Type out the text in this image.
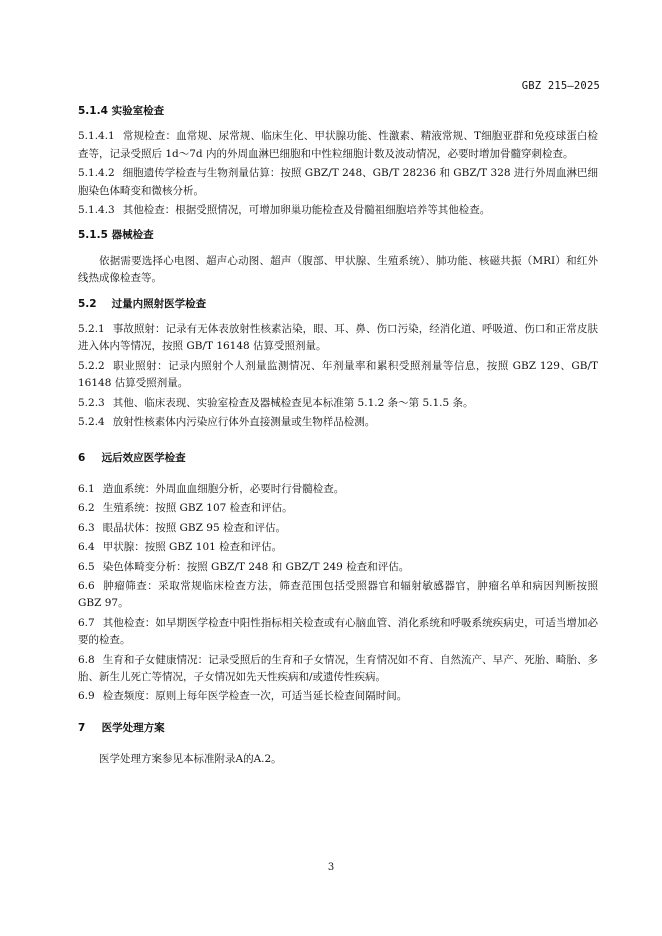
GBZ 215—2025
5.1.4 实验室检查
5.1.4.1 常规检查：血常规、尿常规、临床生化、甲状腺功能、性激素、精液常规、T细胞亚群和免疫球蛋白检查等，记录受照后 1d～7d 内的外周血淋巴细胞和中性粒细胞计数及波动情况，必要时增加骨髓穿刺检查。
5.1.4.2 细胞遗传学检查与生物剂量估算：按照 GBZ/T 248、GB/T 28236 和 GBZ/T 328 进行外周血淋巴细胞染色体畸变和微核分析。
5.1.4.3 其他检查：根据受照情况，可增加卵巢功能检查及骨髓祖细胞培养等其他检查。
5.1.5 器械检查
依据需要选择心电图、超声心动图、超声（腹部、甲状腺、生殖系统）、肺功能、核磁共振（MRI）和红外线热成像检查等。
5.2 过量内照射医学检查
5.2.1 事故照射：记录有无体表放射性核素沾染，眼、耳、鼻、伤口污染，经消化道、呼吸道、伤口和正常皮肤进入体内等情况，按照 GB/T 16148 估算受照剂量。
5.2.2 职业照射：记录内照射个人剂量监测情况、年剂量率和累积受照剂量等信息，按照 GBZ 129、GB/T 16148 估算受照剂量。
5.2.3 其他、临床表现、实验室检查及器械检查见本标准第 5.1.2 条～第 5.1.5 条。
5.2.4 放射性核素体内污染应行体外直接测量或生物样品检测。
6 远后效应医学检查
6.1 造血系统：外周血血细胞分析，必要时行骨髓检查。
6.2 生殖系统：按照 GBZ 107 检查和评估。
6.3 眼晶状体：按照 GBZ 95 检查和评估。
6.4 甲状腺：按照 GBZ 101 检查和评估。
6.5 染色体畸变分析：按照 GBZ/T 248 和 GBZ/T 249 检查和评估。
6.6 肿瘤筛查：采取常规临床检查方法，筛查范围包括受照器官和辐射敏感器官，肿瘤名单和病因判断按照 GBZ 97。
6.7 其他检查：如早期医学检查中阳性指标相关检查或有心脑血管、消化系统和呼吸系统疾病史，可适当增加必要的检查。
6.8 生育和子女健康情况：记录受照后的生育和子女情况，生育情况如不育、自然流产、早产、死胎、畸胎、多胎、新生儿死亡等情况，子女情况如先天性疾病和/或遗传性疾病。
6.9 检查频度：原则上每年医学检查一次，可适当延长检查间隔时间。
7 医学处理方案
医学处理方案参见本标准附录A的A.2。
3
